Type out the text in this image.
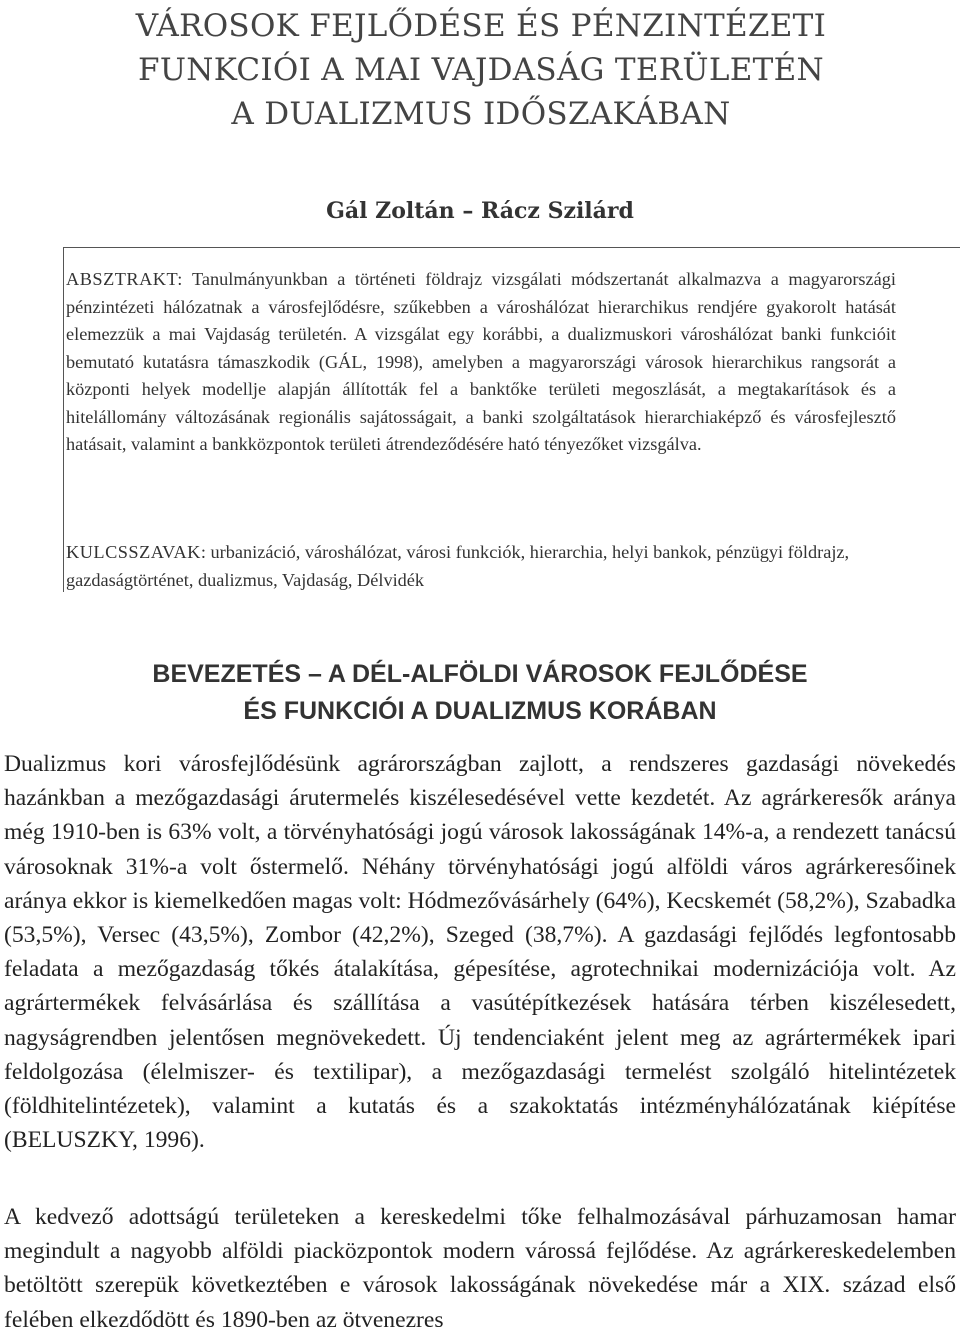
VÁROSOK FEJLŐDÉSE ÉS PÉNZINTÉZETI
FUNKCIÓI A MAI VAJDASÁG TERÜLETÉN
A DUALIZMUS IDŐSZAKÁBAN
Gál Zoltán – Rácz Szilárd

ABSZTRAKT: Tanulmányunkban a történeti földrajz vizsgálati módszertanát alkalmazva a magyarországi pénzintézeti hálózatnak a városfejlődésre, szűkebben a városhálózat hierarchikus rendjére gyakorolt hatását elemezzük a mai Vajdaság területén. A vizsgálat egy korábbi, a dualizmuskori városhálózat banki funkcióit bemutató kutatásra támaszkodik (GÁL, 1998), amelyben a magyarországi városok hierarchikus rangsorát a központi helyek modellje alapján állították fel a banktőke területi megoszlását, a megtakarítások és a hitelállomány változásának regionális sajátosságait, a banki szolgáltatások hierarchiaképző és városfejlesztő hatásait, valamint a bankközpontok területi átrendeződésére ható tényezőket vizsgálva.

KULCSSZAVAK: urbanizáció, városhálózat, városi funkciók, hierarchia, helyi bankok, pénzügyi földrajz, gazdaságtörténet, dualizmus, Vajdaság, Délvidék

BEVEZETÉS – A DÉL-ALFÖLDI VÁROSOK FEJLŐDÉSE
ÉS FUNKCIÓI A DUALIZMUS KORÁBAN

Dualizmus kori városfejlődésünk agrárországban zajlott, a rendszeres gazdasági növekedés hazánkban a mezőgazdasági árutermelés kiszélesedésével vette kezdetét. Az agrárkeresők aránya még 1910-ben is 63% volt, a törvényhatósági jogú városok lakosságának 14%-a, a rendezett tanácsú városoknak 31%-a volt őstermelő. Néhány törvényhatósági jogú alföldi város agrárkeresőinek aránya ekkor is kiemelkedően magas volt: Hódmezővásárhely (64%), Kecskemét (58,2%), Szabadka (53,5%), Versec (43,5%), Zombor (42,2%), Szeged (38,7%). A gazdasági fejlődés legfontosabb feladata a mezőgazdaság tőkés átalakítása, gépesítése, agrotechnikai modernizációja volt. Az agrártermékek felvásárlása és szállítása a vasútépítkezések hatására térben kiszélesedett, nagyságrendben jelentősen megnövekedett. Új tendenciaként jelent meg az agrártermékek ipari feldolgozása (élelmiszer- és textilipar), a mezőgazdasági termelést szolgáló hitelintézetek (földhitelintézetek), valamint a kutatás és a szakoktatás intézményhálózatának kiépítése (BELUSZKY, 1996).

A kedvező adottságú területeken a kereskedelmi tőke felhalmozásával párhuzamosan hamar megindult a nagyobb alföldi piacközpontok modern várossá fejlődése. Az agrárkereskedelemben betöltött szerepük következtében e városok lakosságának növekedése már a XIX. század első felében elkezdődött és 1890-ben az ötvenezres
